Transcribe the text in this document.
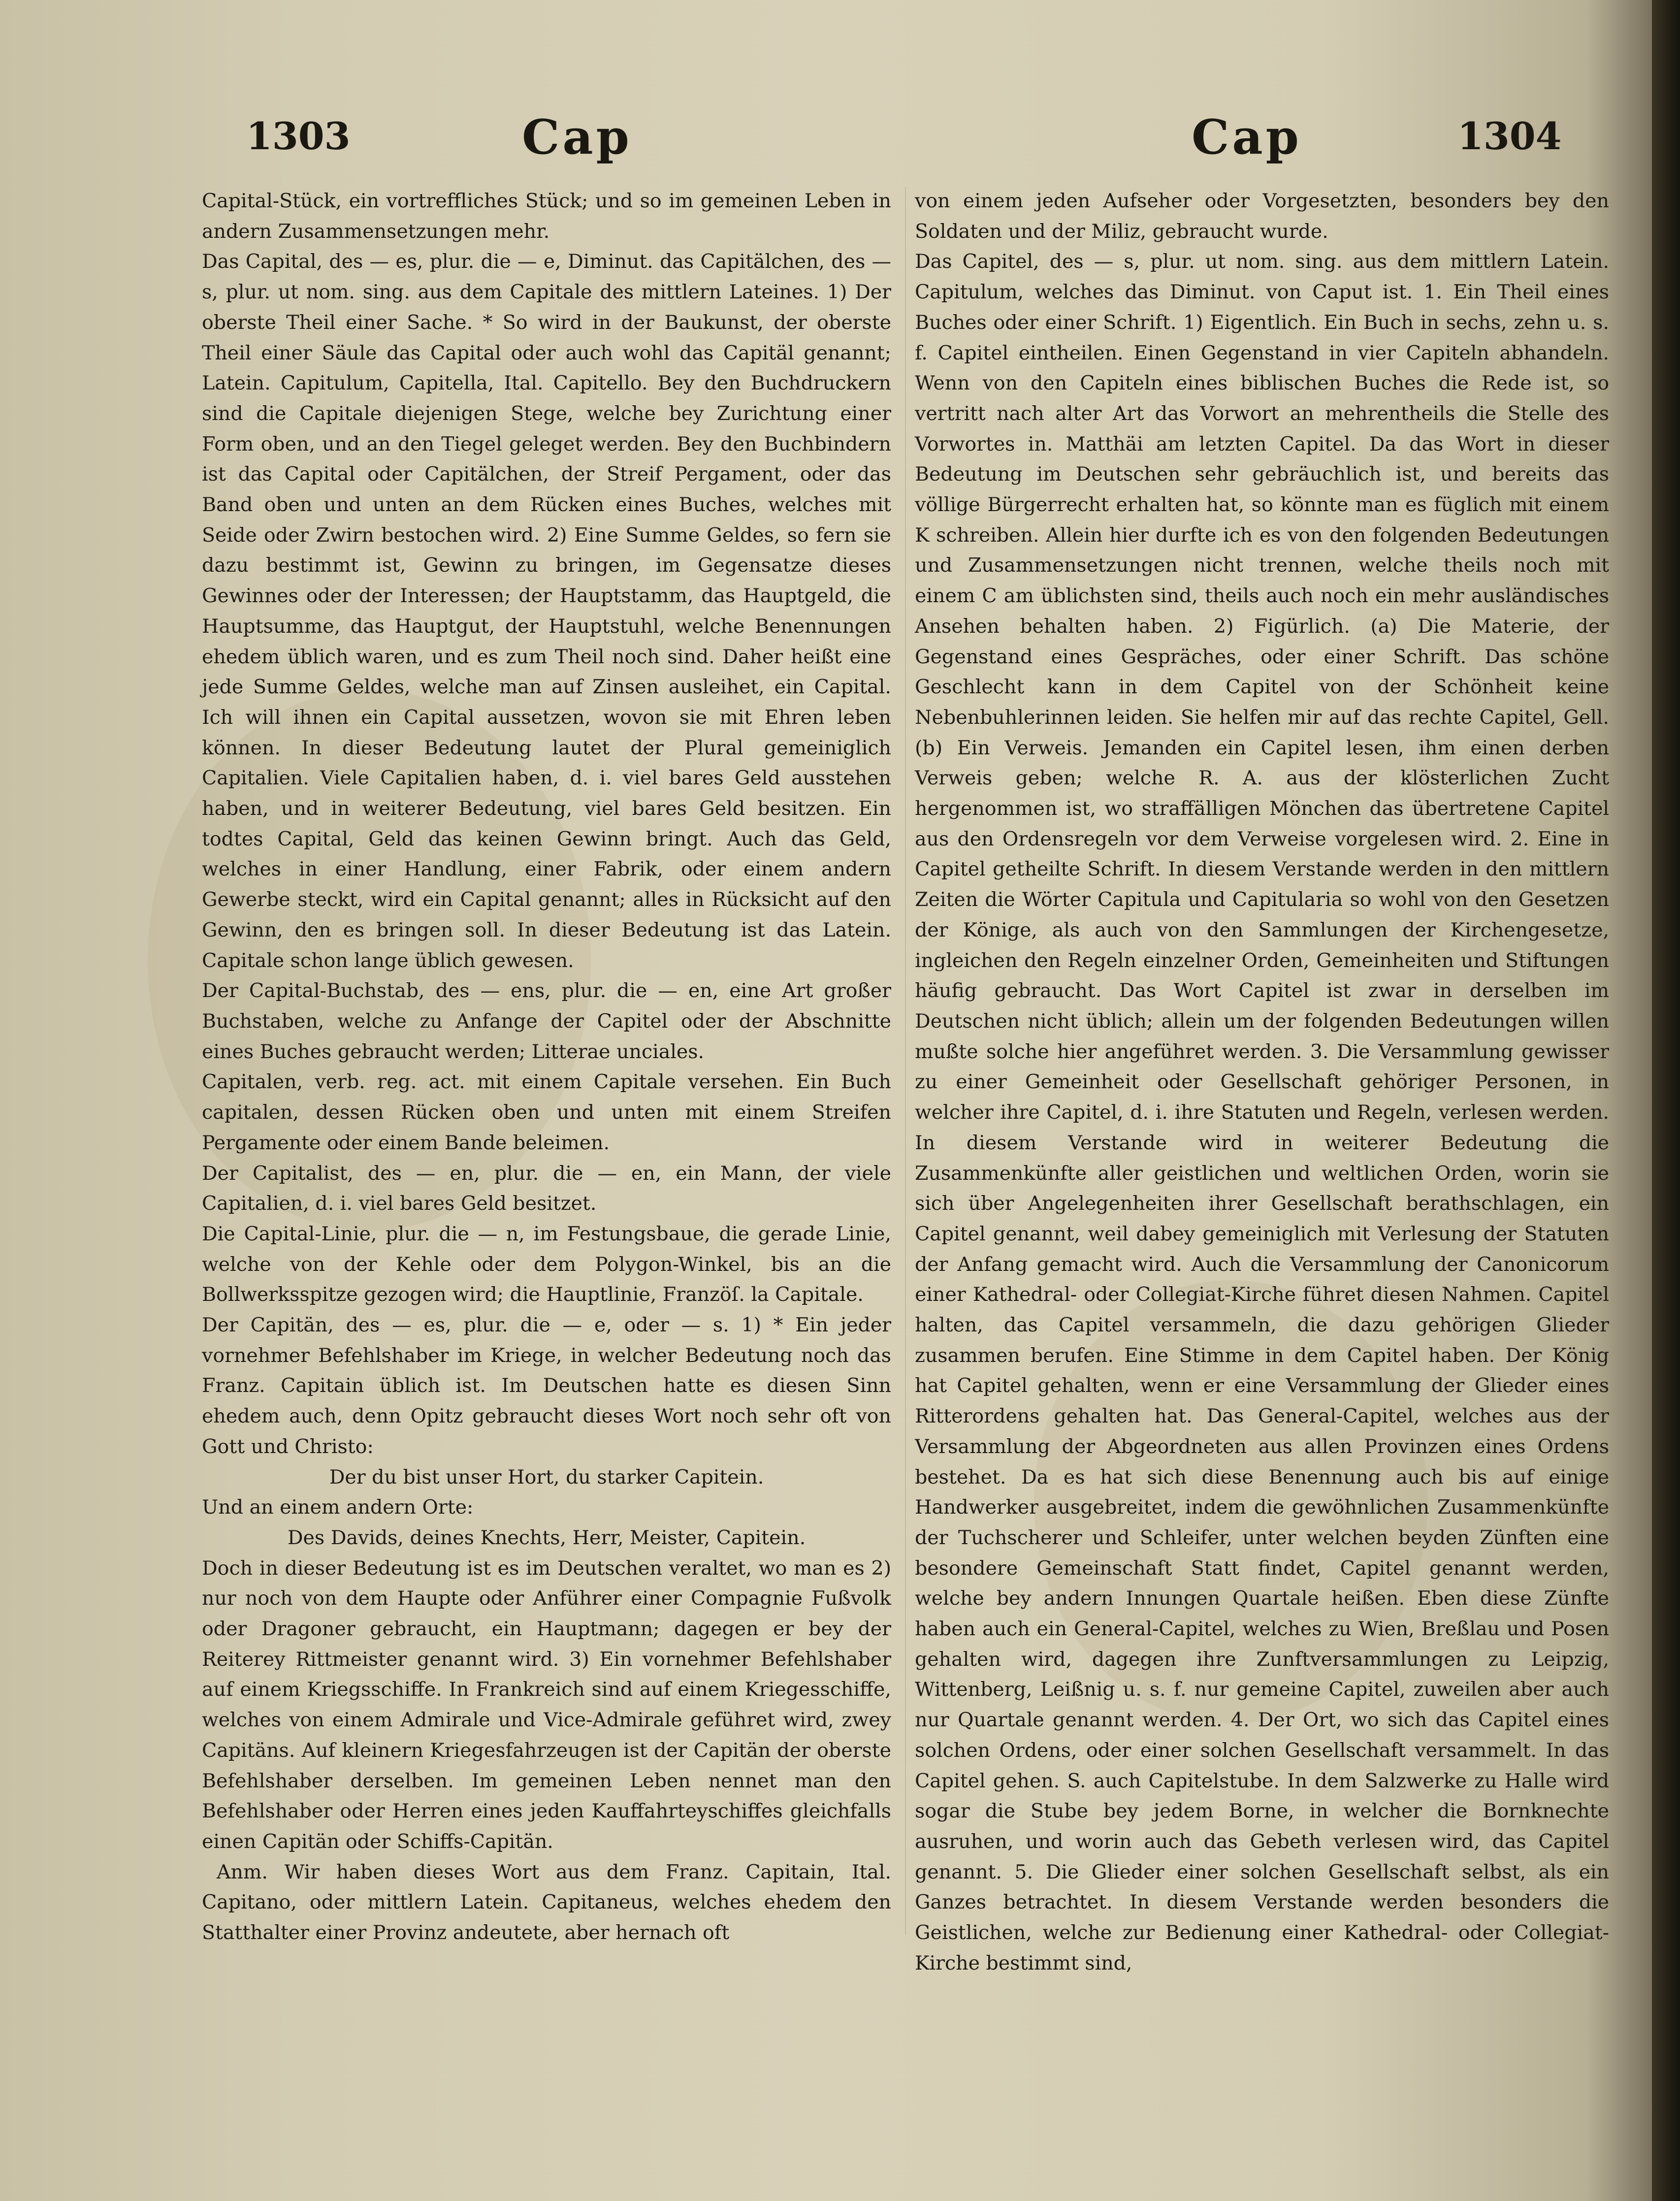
1303	Cap	Cap	1304

Capital-Stück, ein vortreffliches Stück; und so im gemeinen Leben in andern Zusammensetzungen mehr.

Das Capital, des — es, plur. die — e, Diminut. das Capitälchen, des — s, plur. ut nom. sing. aus dem Capitale des mittlern Lateines. 1) Der oberste Theil einer Sache. * So wird in der Baukunst, der oberste Theil einer Säule das Capital oder auch wohl das Capitäl genannt; Latein. Capitulum, Capitella, Ital. Capitello. Bey den Buchdruckern sind die Capitale diejenigen Stege, welche bey Zurichtung einer Form oben, und an den Tiegel geleget werden. Bey den Buchbindern ist das Capital oder Capitälchen, der Streif Pergament, oder das Band oben und unten an dem Rücken eines Buches, welches mit Seide oder Zwirn bestochen wird. 2) Eine Summe Geldes, so fern sie dazu bestimmt ist, Gewinn zu bringen, im Gegensatze dieses Gewinnes oder der Interessen; der Hauptstamm, das Hauptgeld, die Hauptsumme, das Hauptgut, der Hauptstuhl, welche Benennungen ehedem üblich waren, und es zum Theil noch sind. Daher heißt eine jede Summe Geldes, welche man auf Zinsen ausleihet, ein Capital. Ich will ihnen ein Capital aussetzen, wovon sie mit Ehren leben können. In dieser Bedeutung lautet der Plural gemeiniglich Capitalien. Viele Capitalien haben, d. i. viel bares Geld ausstehen haben, und in weiterer Bedeutung, viel bares Geld besitzen. Ein todtes Capital, Geld das keinen Gewinn bringt. Auch das Geld, welches in einer Handlung, einer Fabrik, oder einem andern Gewerbe steckt, wird ein Capital genannt; alles in Rücksicht auf den Gewinn, den es bringen soll. In dieser Bedeutung ist das Latein. Capitale schon lange üblich gewesen.

Der Capital-Buchstab, des — ens, plur. die — en, eine Art großer Buchstaben, welche zu Anfange der Capitel oder der Abschnitte eines Buches gebraucht werden; Litterae unciales.

Capitalen, verb. reg. act. mit einem Capitale versehen. Ein Buch capitalen, dessen Rücken oben und unten mit einem Streifen Pergamente oder einem Bande beleimen.

Der Capitalist, des — en, plur. die — en, ein Mann, der viele Capitalien, d. i. viel bares Geld besitzet.

Die Capital-Linie, plur. die — n, im Festungsbaue, die gerade Linie, welche von der Kehle oder dem Polygon-Winkel, bis an die Bollwerksspitze gezogen wird; die Hauptlinie, Franzöſ. la Capitale.

Der Capitän, des — es, plur. die — e, oder — s. 1) * Ein jeder vornehmer Befehlshaber im Kriege, in welcher Bedeutung noch das Franz. Capitain üblich ist. Im Deutschen hatte es diesen Sinn ehedem auch, denn Opitz gebraucht dieses Wort noch sehr oft von Gott und Christo:

Der du bist unser Hort, du starker Capitein.

Und an einem andern Orte:

Des Davids, deines Knechts, Herr, Meister, Capitein.

Doch in dieser Bedeutung ist es im Deutschen veraltet, wo man es 2) nur noch von dem Haupte oder Anführer einer Compagnie Fußvolk oder Dragoner gebraucht, ein Hauptmann; dagegen er bey der Reiterey Rittmeister genannt wird. 3) Ein vornehmer Befehlshaber auf einem Kriegsschiffe. In Frankreich sind auf einem Kriegesschiffe, welches von einem Admirale und Vice-Admirale geführet wird, zwey Capitäns. Auf kleinern Kriegesfahrzeugen ist der Capitän der oberste Befehlshaber derselben. Im gemeinen Leben nennet man den Befehlshaber oder Herren eines jeden Kauffahrteyschiffes gleichfalls einen Capitän oder Schiffs-Capitän.

Anm. Wir haben dieses Wort aus dem Franz. Capitain, Ital. Capitano, oder mittlern Latein. Capitaneus, welches ehedem den Statthalter einer Provinz andeutete, aber hernach oft

von einem jeden Aufseher oder Vorgesetzten, besonders bey den Soldaten und der Miliz, gebraucht wurde.

Das Capitel, des — s, plur. ut nom. sing. aus dem mittlern Latein. Capitulum, welches das Diminut. von Caput ist. 1. Ein Theil eines Buches oder einer Schrift. 1) Eigentlich. Ein Buch in sechs, zehn u. s. f. Capitel eintheilen. Einen Gegenstand in vier Capiteln abhandeln. Wenn von den Capiteln eines biblischen Buches die Rede ist, so vertritt nach alter Art das Vorwort an mehrentheils die Stelle des Vorwortes in. Matthäi am letzten Capitel. Da das Wort in dieser Bedeutung im Deutschen sehr gebräuchlich ist, und bereits das völlige Bürgerrecht erhalten hat, so könnte man es füglich mit einem K schreiben. Allein hier durfte ich es von den folgenden Bedeutungen und Zusammensetzungen nicht trennen, welche theils noch mit einem C am üblichsten sind, theils auch noch ein mehr ausländisches Ansehen behalten haben. 2) Figürlich. (a) Die Materie, der Gegenstand eines Gespräches, oder einer Schrift. Das schöne Geschlecht kann in dem Capitel von der Schönheit keine Nebenbuhlerinnen leiden. Sie helfen mir auf das rechte Capitel, Gell. (b) Ein Verweis. Jemanden ein Capitel lesen, ihm einen derben Verweis geben; welche R. A. aus der klösterlichen Zucht hergenommen ist, wo straffälligen Mönchen das übertretene Capitel aus den Ordensregeln vor dem Verweise vorgelesen wird. 2. Eine in Capitel getheilte Schrift. In diesem Verstande werden in den mittlern Zeiten die Wörter Capitula und Capitularia so wohl von den Gesetzen der Könige, als auch von den Sammlungen der Kirchengesetze, ingleichen den Regeln einzelner Orden, Gemeinheiten und Stiftungen häufig gebraucht. Das Wort Capitel ist zwar in derselben im Deutschen nicht üblich; allein um der folgenden Bedeutungen willen mußte solche hier angeführet werden. 3. Die Versammlung gewisser zu einer Gemeinheit oder Gesellschaft gehöriger Personen, in welcher ihre Capitel, d. i. ihre Statuten und Regeln, verlesen werden. In diesem Verstande wird in weiterer Bedeutung die Zusammenkünfte aller geistlichen und weltlichen Orden, worin sie sich über Angelegenheiten ihrer Gesellschaft berathschlagen, ein Capitel genannt, weil dabey gemeiniglich mit Verlesung der Statuten der Anfang gemacht wird. Auch die Versammlung der Canonicorum einer Kathedral- oder Collegiat-Kirche führet diesen Nahmen. Capitel halten, das Capitel versammeln, die dazu gehörigen Glieder zusammen berufen. Eine Stimme in dem Capitel haben. Der König hat Capitel gehalten, wenn er eine Versammlung der Glieder eines Ritterordens gehalten hat. Das General-Capitel, welches aus der Versammlung der Abgeordneten aus allen Provinzen eines Ordens bestehet. Da es hat sich diese Benennung auch bis auf einige Handwerker ausgebreitet, indem die gewöhnlichen Zusammenkünfte der Tuchscherer und Schleifer, unter welchen beyden Zünften eine besondere Gemeinschaft Statt findet, Capitel genannt werden, welche bey andern Innungen Quartale heißen. Eben diese Zünfte haben auch ein General-Capitel, welches zu Wien, Breßlau und Posen gehalten wird, dagegen ihre Zunftversammlungen zu Leipzig, Wittenberg, Leißnig u. s. f. nur gemeine Capitel, zuweilen aber auch nur Quartale genannt werden. 4. Der Ort, wo sich das Capitel eines solchen Ordens, oder einer solchen Gesellschaft versammelt. In das Capitel gehen. S. auch Capitelstube. In dem Salzwerke zu Halle wird sogar die Stube bey jedem Borne, in welcher die Bornknechte ausruhen, und worin auch das Gebeth verlesen wird, das Capitel genannt. 5. Die Glieder einer solchen Gesellschaft selbst, als ein Ganzes betrachtet. In diesem Verstande werden besonders die Geistlichen, welche zur Bedienung einer Kathedral- oder Collegiat-Kirche bestimmt sind,
